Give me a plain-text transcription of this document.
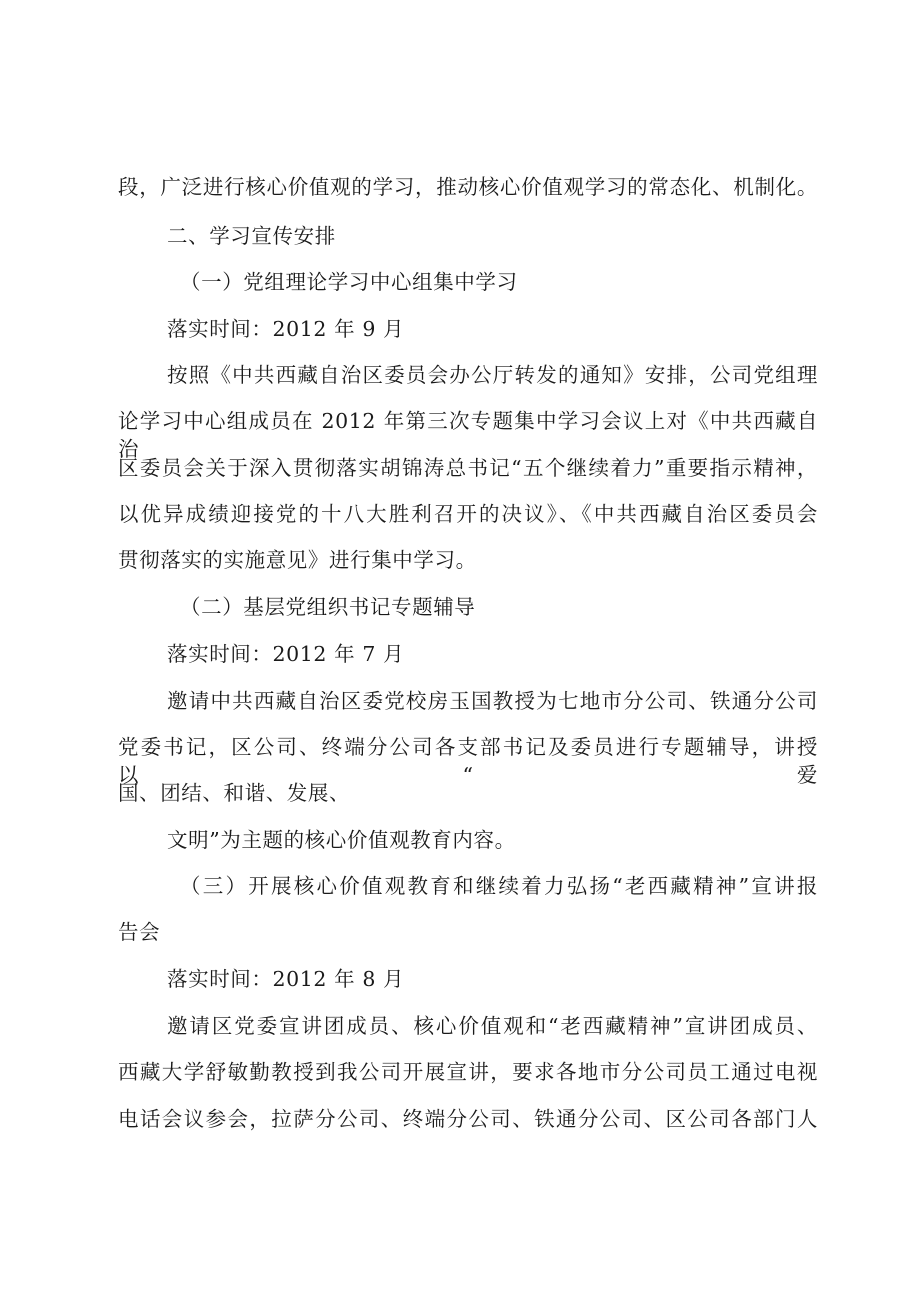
段，广泛进行核心价值观的学习，推动核心价值观学习的常态化、机制化。
二、学习宣传安排
（一）党组理论学习中心组集中学习
落实时间：2012 年 9 月
按照《中共西藏自治区委员会办公厅转发的通知》安排，公司党组理
论学习中心组成员在 2012 年第三次专题集中学习会议上对《中共西藏自治
区委员会关于深入贯彻落实胡锦涛总书记“五个继续着力”重要指示精神，
以优异成绩迎接党的十八大胜利召开的决议》、《中共西藏自治区委员会
贯彻落实的实施意见》进行集中学习。
（二）基层党组织书记专题辅导
落实时间：2012 年 7 月
邀请中共西藏自治区委党校房玉国教授为七地市分公司、铁通分公司
党委书记，区公司、终端分公司各支部书记及委员进行专题辅导，讲授以“爱
国、团结、和谐、发展、
文明”为主题的核心价值观教育内容。
（三）开展核心价值观教育和继续着力弘扬“老西藏精神”宣讲报
告会
落实时间：2012 年 8 月
邀请区党委宣讲团成员、核心价值观和“老西藏精神”宣讲团成员、
西藏大学舒敏勤教授到我公司开展宣讲，要求各地市分公司员工通过电视
电话会议参会，拉萨分公司、终端分公司、铁通分公司、区公司各部门人
